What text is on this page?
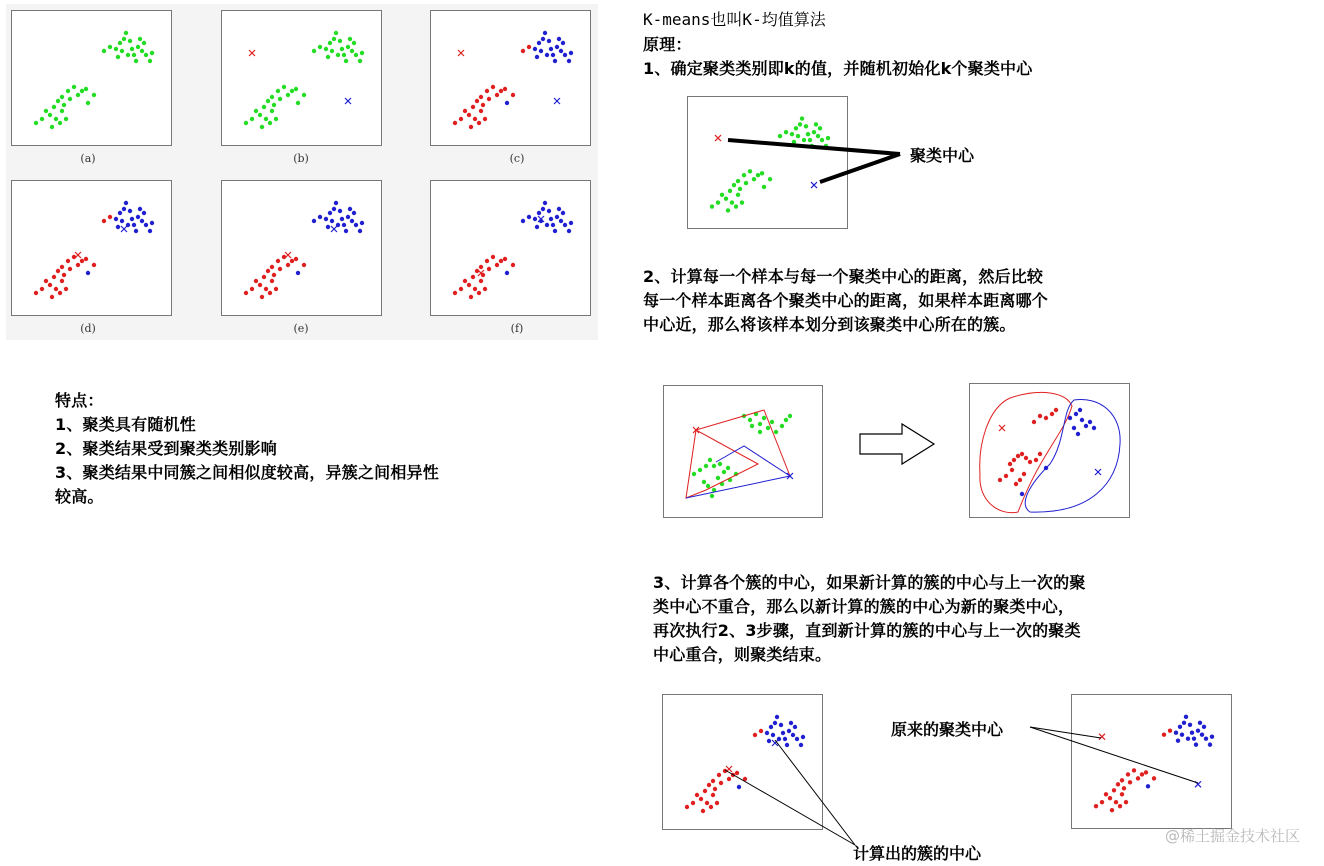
(a)	(b)	(c)
(d)	(e)	(f)
K-means也叫K-均值算法
原理：
1、确定聚类类别即k的值，并随机初始化k个聚类中心
聚类中心
2、计算每一个样本与每一个聚类中心的距离，然后比较
每一个样本距离各个聚类中心的距离，如果样本距离哪个
中心近，那么将该样本划分到该聚类中心所在的簇。
特点：
1、聚类具有随机性
2、聚类结果受到聚类类别影响
3、聚类结果中同簇之间相似度较高，异簇之间相异性
较高。
3、计算各个簇的中心，如果新计算的簇的中心与上一次的聚
类中心不重合，那么以新计算的簇的中心为新的聚类中心，
再次执行2、3步骤，直到新计算的簇的中心与上一次的聚类
中心重合，则聚类结束。
原来的聚类中心
计算出的簇的中心
@稀土掘金技术社区
